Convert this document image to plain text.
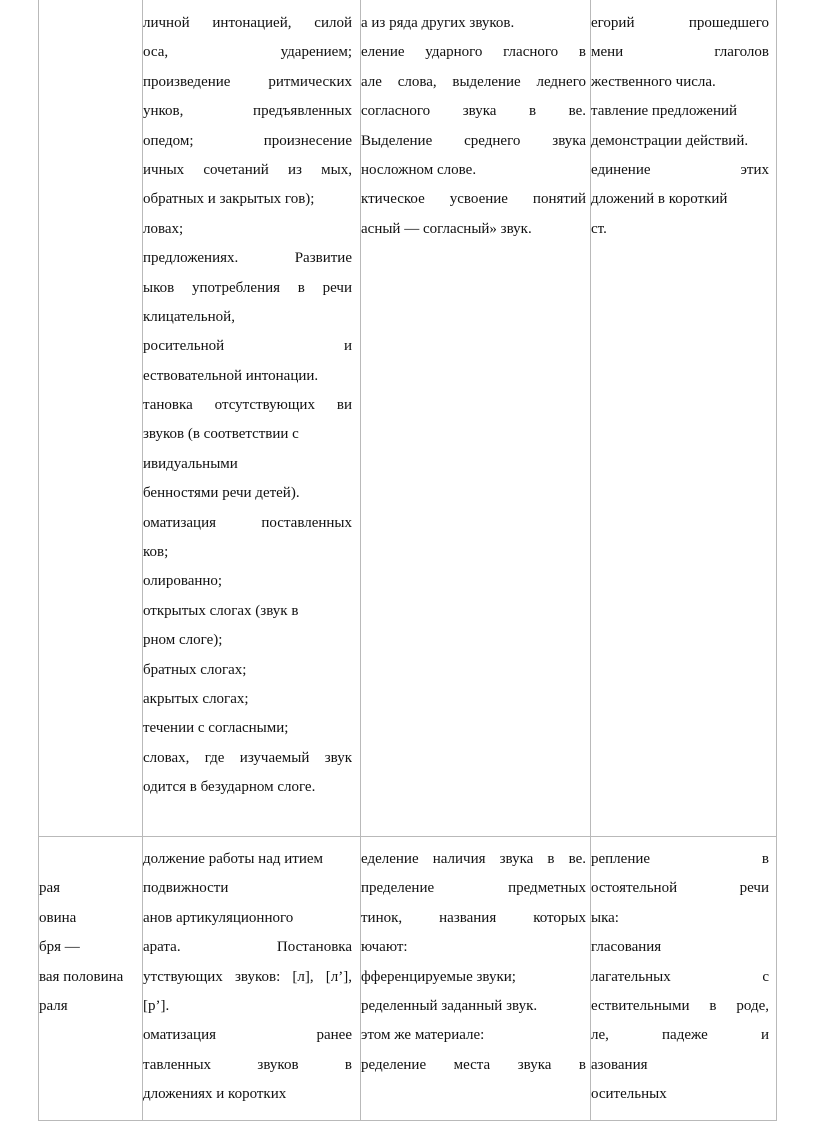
личной интонацией, силой
оса, ударением;
произведение ритмических
унков, предъявленных
опедом; произнесение
ичных сочетаний из мых,
обратных и закрытых гов);
ловах;
предложениях. Развитие
ыков употребления в речи
клицательной,
росительной и
ествовательной интонации.
тановка отсутствующих ви
звуков (в соответствии с
ивидуальными
бенностями речи детей).
оматизация поставленных
ков;
олированно;
открытых слогах (звук в
рном слоге);
братных слогах;
акрытых слогах;
течении с согласными;
словах, где изучаемый звук
одится в безударном слоге.
а из ряда других звуков.
еление ударного гласного в
але слова, выделение леднего
согласного звука в ве.
Выделение среднего звука
носложном слове.
ктическое усвоение понятий
асный — согласный» звук.
егорий прошедшего
мени глаголов
жественного числа.
тавление предложений
демонстрации действий.
единение этих
дложений в короткий
ст.
рая
овина
бря —
вая половина
раля
должение работы над итием
подвижности
анов артикуляционного
арата. Постановка
утствующих звуков: [л], [л’],
[р’].
оматизация ранее
тавленных звуков в
дложениях и коротких
еделение наличия звука в ве.
пределение предметных
тинок, названия которых
ючают:
фференцируемые звуки;
ределенный заданный звук.
этом же материале:
ределение места звука в
репление в
остоятельной речи
ыка:
гласования
лагательных с
ествительными в роде,
ле, падеже и
азования
осительных
